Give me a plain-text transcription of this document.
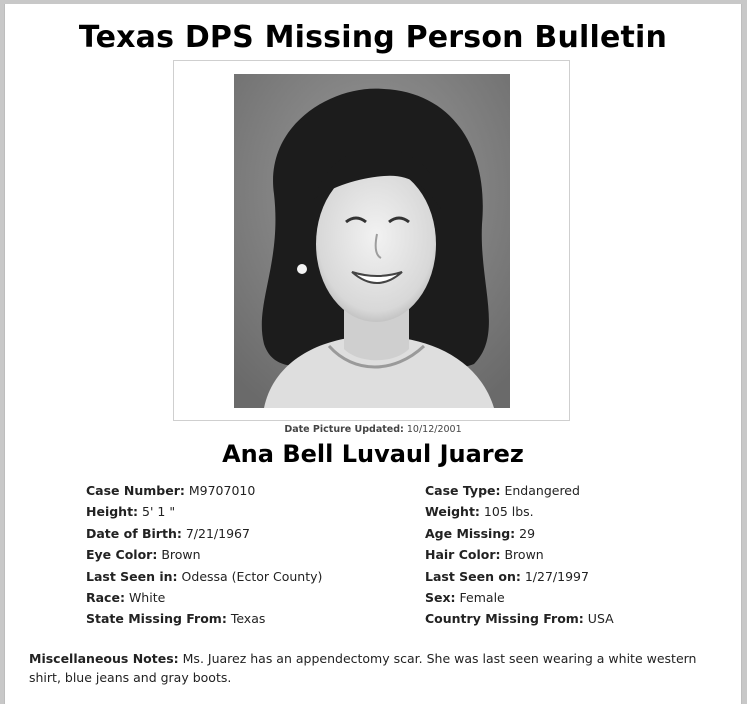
Texas DPS Missing Person Bulletin
Date Picture Updated: 10/12/2001
Ana Bell Luvaul Juarez
Case Number: M9707010
Height: 5' 1 "
Date of Birth: 7/21/1967
Eye Color: Brown
Last Seen in: Odessa (Ector County)
Race: White
State Missing From: Texas
Case Type: Endangered
Weight: 105 lbs.
Age Missing: 29
Hair Color: Brown
Last Seen on: 1/27/1997
Sex: Female
Country Missing From: USA
Miscellaneous Notes: Ms. Juarez has an appendectomy scar. She was last seen wearing a white western shirt, blue jeans and gray boots.
